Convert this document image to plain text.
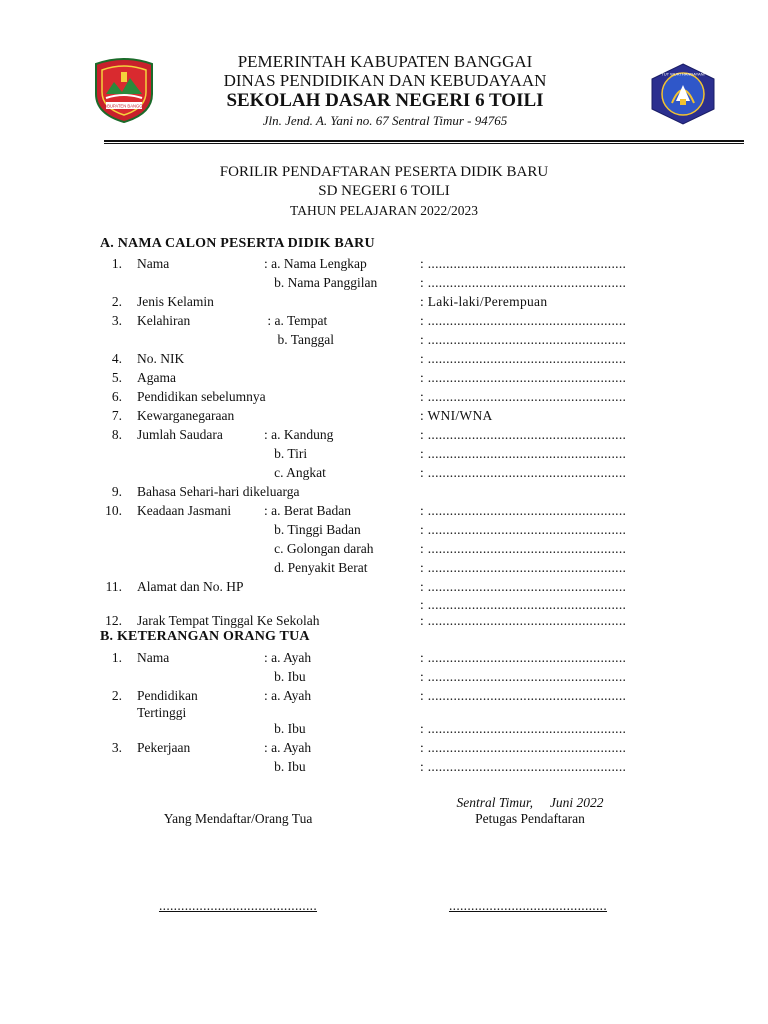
KABUPATEN BANGGAI
TUT WURI HANDAYANI
PEMERINTAH KABUPATEN BANGGAI
DINAS PENDIDIKAN DAN KEBUDAYAAN
SEKOLAH DASAR NEGERI 6 TOILI
Jln. Jend. A. Yani no. 67 Sentral Timur - 94765
FORILIR PENDAFTARAN PESERTA DIDIK BARU
SD NEGERI 6 TOILI
TAHUN PELAJARAN 2022/2023
A. NAMA CALON PESERTA DIDIK BARU
1. Nama	: a. Nama Lengkap	: ......................................................
b. Nama Panggilan	: ......................................................
2. Jenis Kelamin	: Laki-laki/Perempuan
3. Kelahiran	: a. Tempat	: ......................................................
b. Tanggal	: ......................................................
4. No. NIK	: ......................................................
5. Agama	: ......................................................
6. Pendidikan sebelumnya	: ......................................................
7. Kewarganegaraan	: WNI/WNA
8. Jumlah Saudara	: a. Kandung	: ......................................................
b. Tiri	: ......................................................
c. Angkat	: ......................................................
9. Bahasa Sehari-hari dikeluarga
10. Keadaan Jasmani : a. Berat Badan	: ......................................................
b. Tinggi Badan	: ......................................................
c. Golongan darah	: ......................................................
d. Penyakit Berat	: ......................................................
11. Alamat dan No. HP	: ......................................................
: ......................................................
12. Jarak Tempat Tinggal Ke Sekolah	: ......................................................
B. KETERANGAN ORANG TUA
1. Nama	: a. Ayah	: ......................................................
b. Ibu	: ......................................................
2. Pendidikan	: a. Ayah	: ......................................................
Tertinggi
b. Ibu	: ......................................................
3. Pekerjaan	: a. Ayah	: ......................................................
b. Ibu	: ......................................................
Sentral Timur,     Juni 2022
Yang Mendaftar/Orang Tua	Petugas Pendaftaran
...........................................	...........................................
